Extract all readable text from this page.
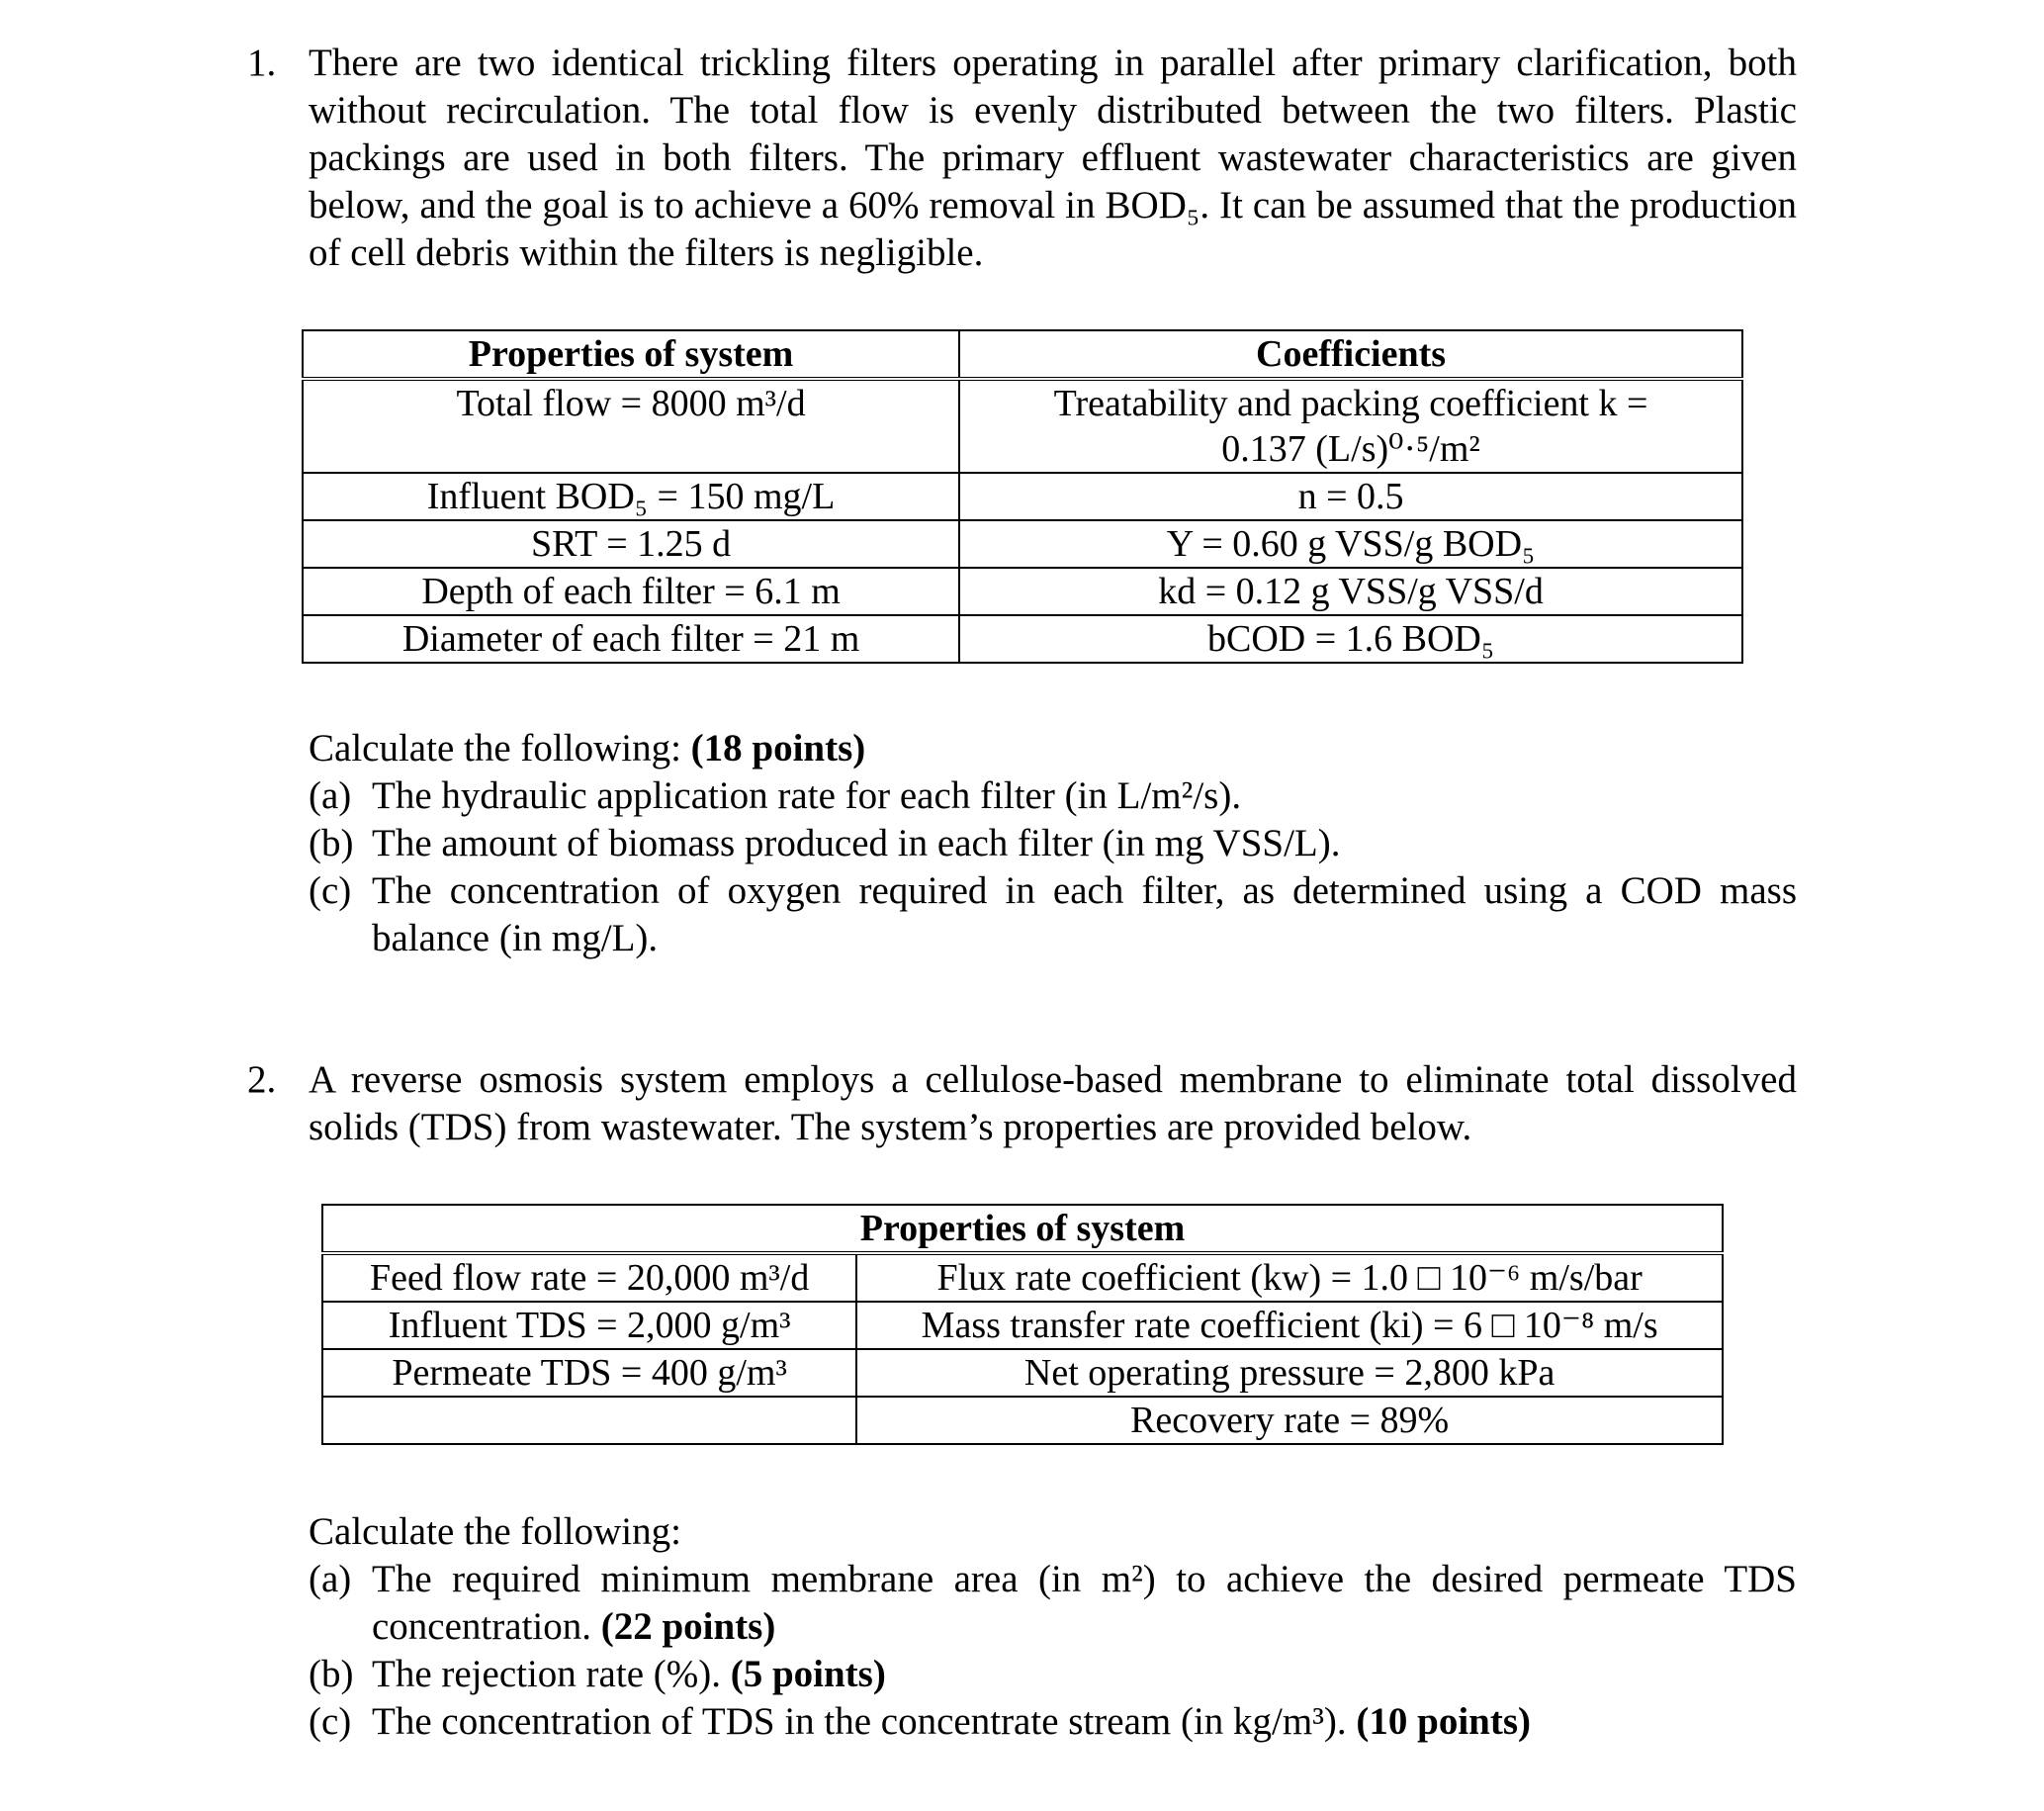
1. There are two identical trickling filters operating in parallel after primary clarification, both without recirculation. The total flow is evenly distributed between the two filters. Plastic packings are used in both filters. The primary effluent wastewater characteristics are given below, and the goal is to achieve a 60% removal in BOD₅. It can be assumed that the production of cell debris within the filters is negligible.
Properties of system	Coefficients
Total flow = 8000 m³/d	Treatability and packing coefficient k =
0.137 (L/s)⁰·⁵/m²

Influent BOD₅ = 150 mg/L	n = 0.5
SRT = 1.25 d	Y = 0.60 g VSS/g BOD₅
Depth of each filter = 6.1 m	kd = 0.12 g VSS/g VSS/d
Diameter of each filter = 21 m	bCOD = 1.6 BOD₅
Calculate the following: (18 points)
(a) The hydraulic application rate for each filter (in L/m²/s).
(b) The amount of biomass produced in each filter (in mg VSS/L).
(c) The concentration of oxygen required in each filter, as determined using a COD mass balance (in mg/L).
2. A reverse osmosis system employs a cellulose-based membrane to eliminate total dissolved solids (TDS) from wastewater. The system’s properties are provided below.
Properties of system	
Feed flow rate = 20,000 m³/d	Flux rate coefficient (kw) = 1.0 □ 10⁻⁶ m/s/bar
Influent TDS = 2,000 g/m³	Mass transfer rate coefficient (ki) = 6 □ 10⁻⁸ m/s
Permeate TDS = 400 g/m³	Net operating pressure = 2,800 kPa
	Recovery rate = 89%
Calculate the following:
(a) The required minimum membrane area (in m²) to achieve the desired permeate TDS concentration. (22 points)
(b) The rejection rate (%). (5 points)
(c) The concentration of TDS in the concentrate stream (in kg/m³). (10 points)
